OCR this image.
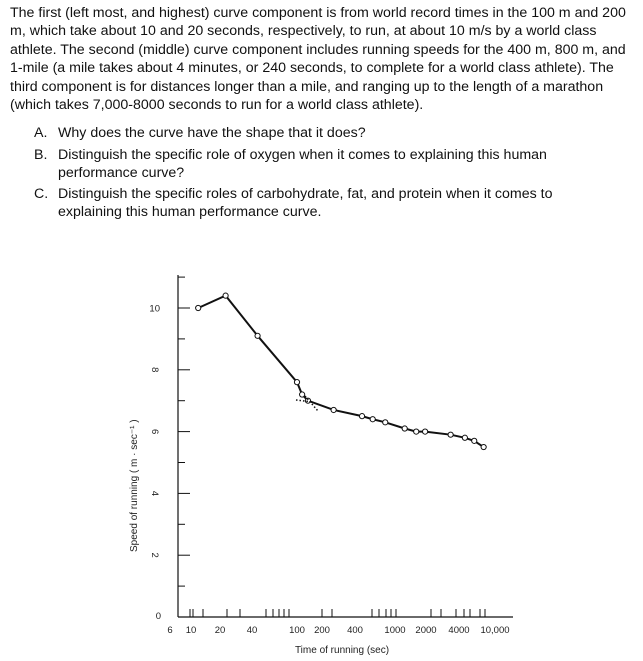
The first (left most, and highest) curve component is from world record times in the 100 m and 200 m, which take about 10 and 20 seconds, respectively, to run, at about 10 m/s by a world class athlete. The second (middle) curve component includes running speeds for the 400 m, 800 m, and 1-mile (a mile takes about 4 minutes, or 240 seconds, to complete for a world class athlete). The third component is for distances longer than a mile, and ranging up to the length of a marathon (which takes 7,000-8000 seconds to run for a world class athlete).

A. Why does the curve have the shape that it does?
B. Distinguish the specific role of oxygen when it comes to explaining this human performance curve?
C. Distinguish the specific roles of carbohydrate, fat, and protein when it comes to explaining this human performance curve.
0
2
4
6
8
10
6 10 20 40	100 200 400 1000 2000 4000 10,000
Speed of running ( m · sec⁻¹ )
Time of running (sec)
